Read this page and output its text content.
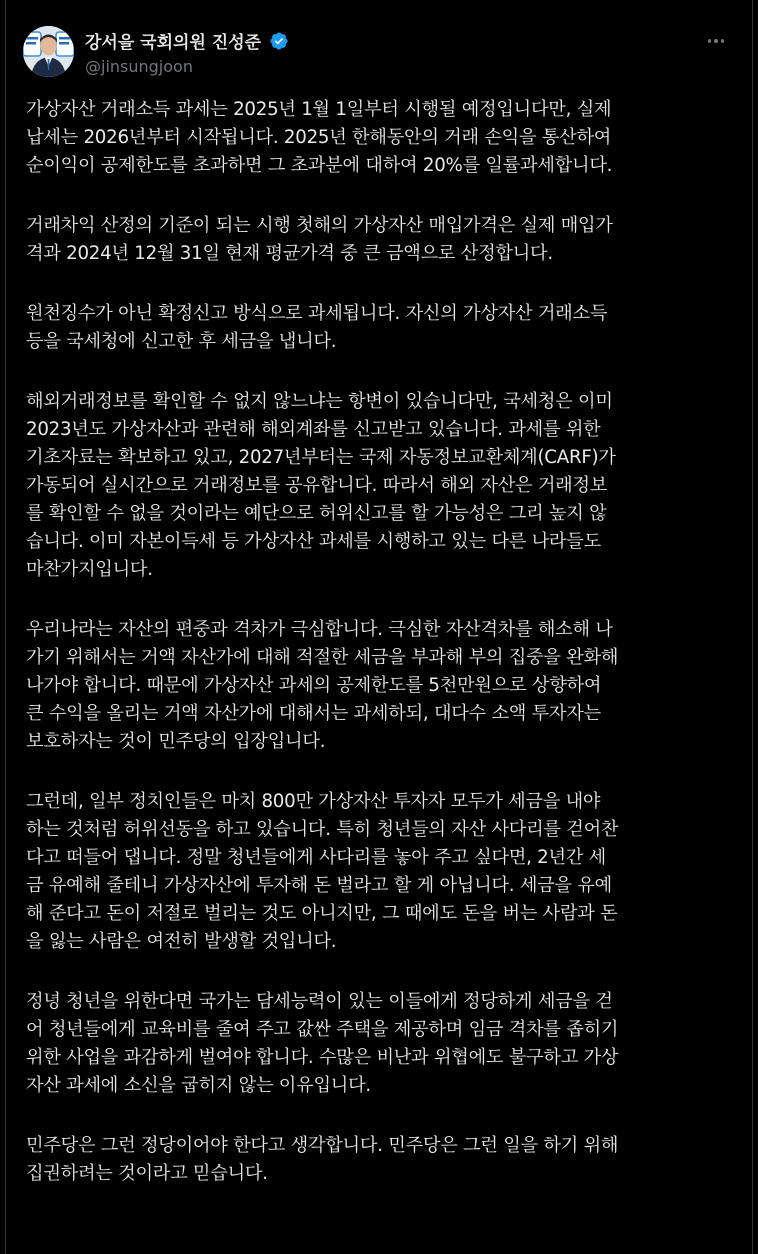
강서을 국회의원 진성준
@jinsungjoon

가상자산 거래소득 과세는 2025년 1월 1일부터 시행될 예정입니다만, 실제
납세는 2026년부터 시작됩니다. 2025년 한해동안의 거래 손익을 통산하여
순이익이 공제한도를 초과하면 그 초과분에 대하여 20%를 일률과세합니다.

거래차익 산정의 기준이 되는 시행 첫해의 가상자산 매입가격은 실제 매입가
격과 2024년 12월 31일 현재 평균가격 중 큰 금액으로 산정합니다.

원천징수가 아닌 확정신고 방식으로 과세됩니다. 자신의 가상자산 거래소득
등을 국세청에 신고한 후 세금을 냅니다.

해외거래정보를 확인할 수 없지 않느냐는 항변이 있습니다만, 국세청은 이미
2023년도 가상자산과 관련해 해외계좌를 신고받고 있습니다. 과세를 위한
기초자료는 확보하고 있고, 2027년부터는 국제 자동정보교환체계(CARF)가
가동되어 실시간으로 거래정보를 공유합니다. 따라서 해외 자산은 거래정보
를 확인할 수 없을 것이라는 예단으로 허위신고를 할 가능성은 그리 높지 않
습니다. 이미 자본이득세 등 가상자산 과세를 시행하고 있는 다른 나라들도
마찬가지입니다.

우리나라는 자산의 편중과 격차가 극심합니다. 극심한 자산격차를 해소해 나
가기 위해서는 거액 자산가에 대해 적절한 세금을 부과해 부의 집중을 완화해
나가야 합니다. 때문에 가상자산 과세의 공제한도를 5천만원으로 상향하여
큰 수익을 올리는 거액 자산가에 대해서는 과세하되, 대다수 소액 투자자는
보호하자는 것이 민주당의 입장입니다.

그런데, 일부 정치인들은 마치 800만 가상자산 투자자 모두가 세금을 내야
하는 것처럼 허위선동을 하고 있습니다. 특히 청년들의 자산 사다리를 걷어찬
다고 떠들어 댑니다. 정말 청년들에게 사다리를 놓아 주고 싶다면, 2년간 세
금 유예해 줄테니 가상자산에 투자해 돈 벌라고 할 게 아닙니다. 세금을 유예
해 준다고 돈이 저절로 벌리는 것도 아니지만, 그 때에도 돈을 버는 사람과 돈
을 잃는 사람은 여전히 발생할 것입니다.

정녕 청년을 위한다면 국가는 담세능력이 있는 이들에게 정당하게 세금을 걷
어 청년들에게 교육비를 줄여 주고 값싼 주택을 제공하며 임금 격차를 좁히기
위한 사업을 과감하게 벌여야 합니다. 수많은 비난과 위협에도 불구하고 가상
자산 과세에 소신을 굽히지 않는 이유입니다.

민주당은 그런 정당이어야 한다고 생각합니다. 민주당은 그런 일을 하기 위해
집권하려는 것이라고 믿습니다.
